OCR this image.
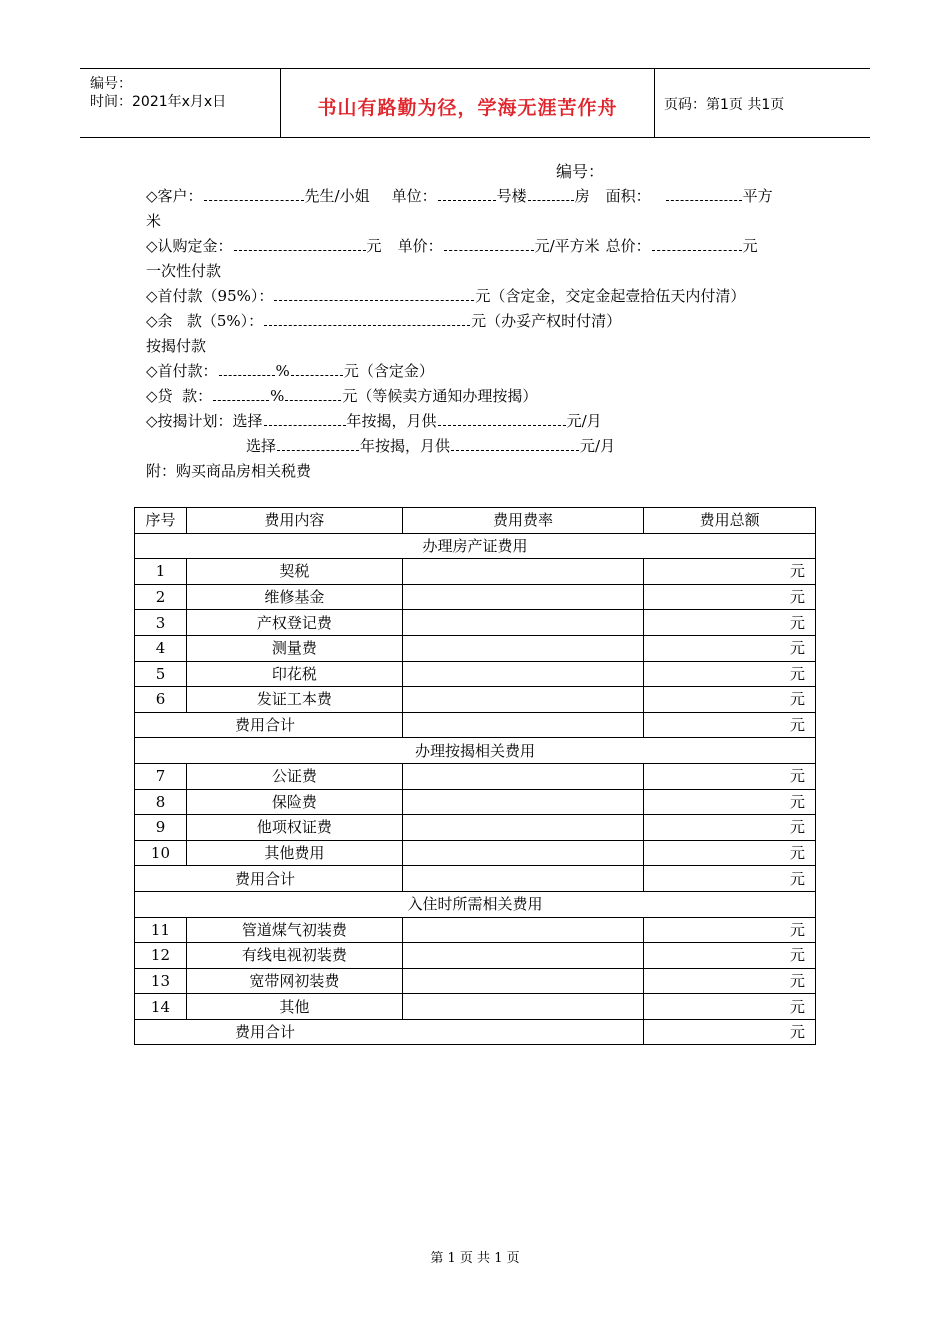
编号：
时间：2021年x月x日	书山有路勤为径，学海无涯苦作舟	页码：第1页 共1页
编号：
◇客户：	先生/小姐 单位：	号楼	房 面积：	平方
米
◇认购定金：	元 单价：	元/平方米 总价：	元
一次性付款
◇首付款（95%）：	元（含定金，交定金起壹拾伍天内付清）
◇余   款（5%）：	元（办妥产权时付清）
按揭付款
◇首付款：	%	元（含定金）
◇贷  款：	%	元（等候卖方通知办理按揭）
◇按揭计划：选择	年按揭，月供	元/月
选择	年按揭，月供	元/月
附：购买商品房相关税费
序号	费用内容	费用费率	费用总额
办理房产证费用			
1	契税		元
2	维修基金		元
3	产权登记费		元
4	测量费		元
5	印花税		元
6	发证工本费		元
费用合计			元
办理按揭相关费用			
7	公证费		元
8	保险费		元
9	他项权证费		元
10	其他费用		元
费用合计			元
入住时所需相关费用			
11	管道煤气初装费		元
12	有线电视初装费		元
13	宽带网初装费		元
14	其他		元
费用合计			元
第 1 页 共 1 页
